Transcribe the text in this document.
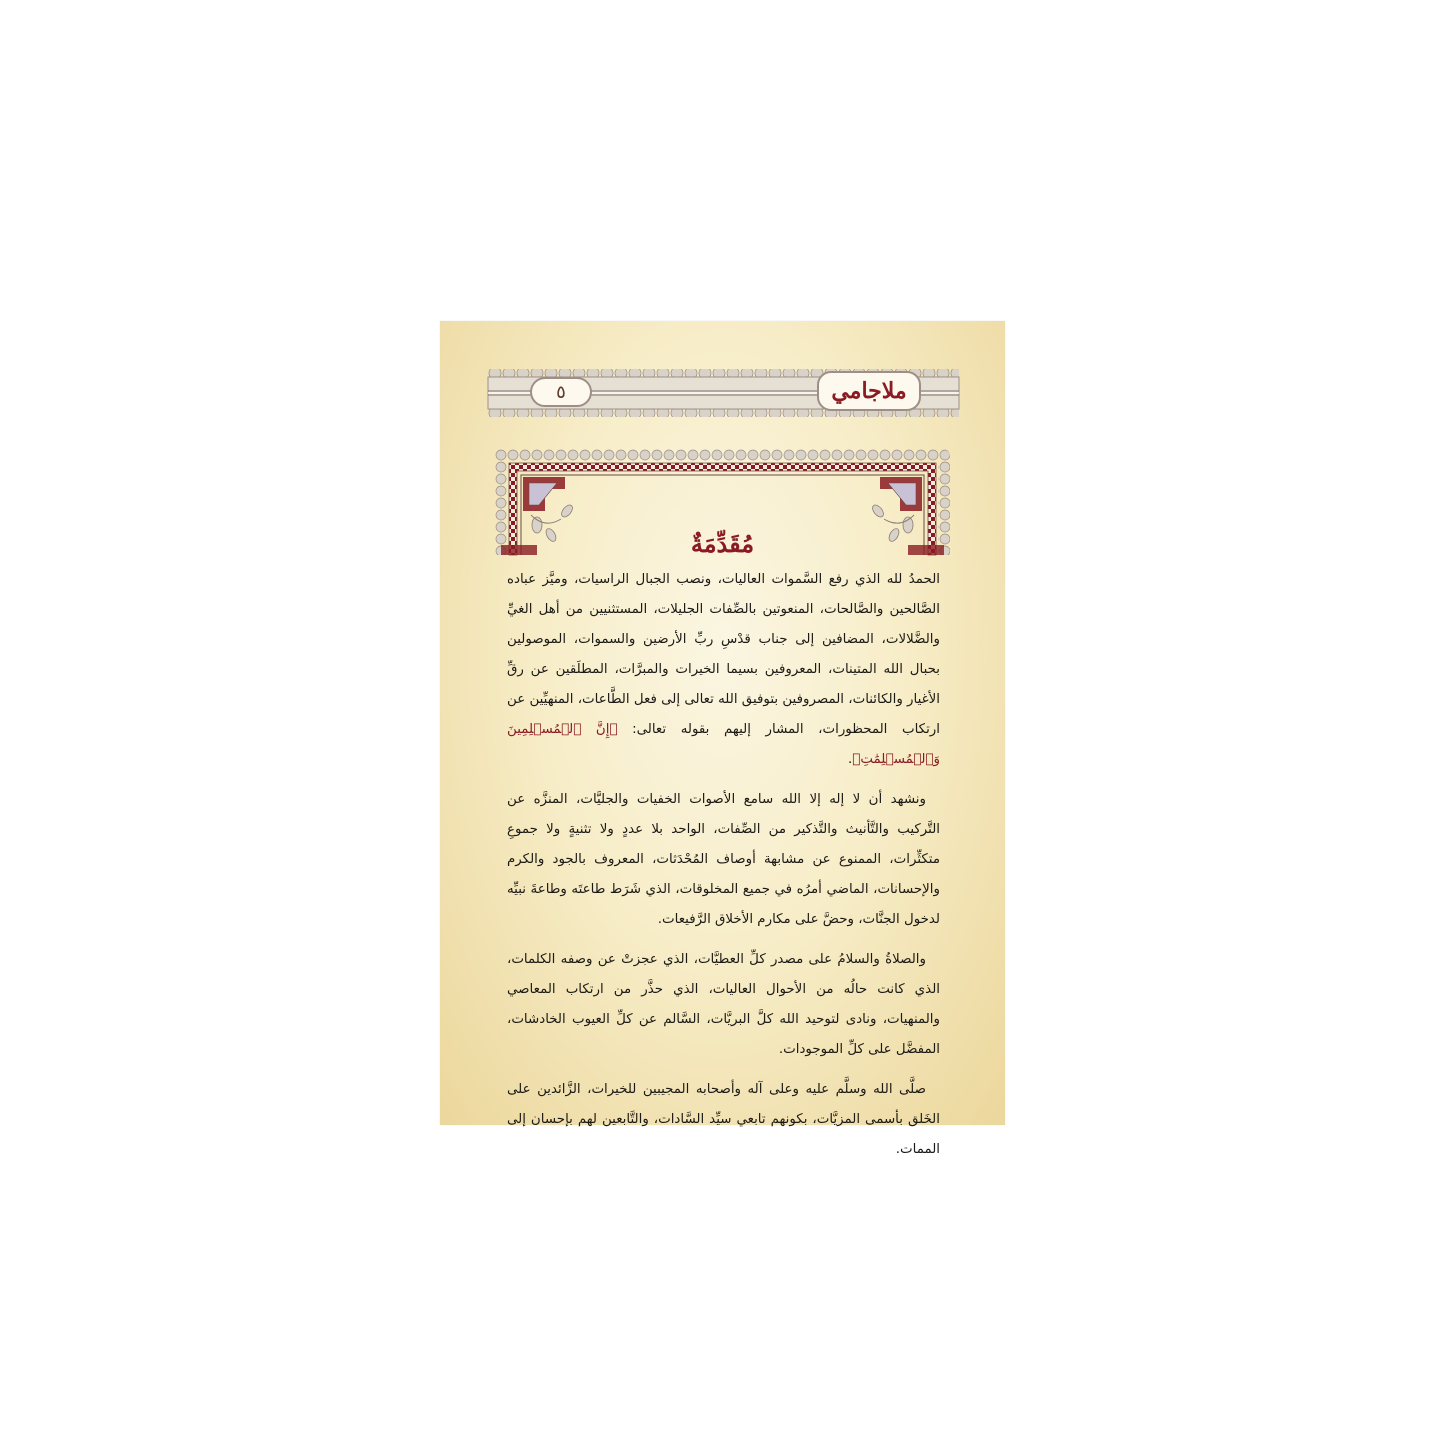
٥	ملاجامي
مُقَدِّمَةٌ

الحمدُ لله الذي رفع السَّموات العاليات، ونصب الجبال الراسيات، وميَّز عباده الصَّالحين والصَّالحات، المنعوتين بالصِّفات الجليلات، المستثنيين من أهل الغيِّ والضَّلالات، المضافين إلى جناب قدْسِ ربِّ الأرضين والسموات، الموصولين بحبال الله المتينات، المعروفين بسيما الخيرات والمبرَّات، المطلَقين عن رقِّ الأغيار والكائنات، المصروفين بتوفيق الله تعالى إلى فعل الطَّاعات، المنهيِّين عن ارتكاب المحظورات، المشار إليهم بقوله تعالى: ﴿إِنَّ ٱلۡمُسۡلِمِينَ وَٱلۡمُسۡلِمَٰتِ﴾.

ونشهد أن لا إله إلا الله سامع الأصوات الخفيات والجليَّات، المنزَّه عن التَّركيب والتَّأنيث والتَّذكير من الصِّفات، الواحد بلا عددٍ ولا تثنيةٍ ولا جموعِ متكثِّرات، الممنوع عن مشابهة أوصاف المُحْدَثات، المعروف بالجود والكرم والإحسانات، الماضي أمرُه في جميع المخلوقات، الذي شَرَط طاعتَه وطاعةَ نبيِّه لدخول الجنَّات، وحضَّ على مكارم الأخلاق الرَّفيعات.

والصلاةُ والسلامُ على مصدر كلِّ العطيَّات، الذي عجزتْ عن وصفه الكلمات، الذي كانت حالُه من الأحوال العاليات، الذي حذَّر من ارتكاب المعاصي والمنهيات، ونادى لتوحيد الله كلَّ البريَّات، السَّالم عن كلِّ العيوب الخادشات، المفضَّل على كلِّ الموجودات.

صلَّى الله وسلَّم عليه وعلى آله وأصحابه المجيبين للخيرات، الزَّائدين على الخَلق بأسمى المزيَّات، بكونهم تابعي سيِّد السَّادات، والتَّابعين لهم بإحسان إلى الممات.
